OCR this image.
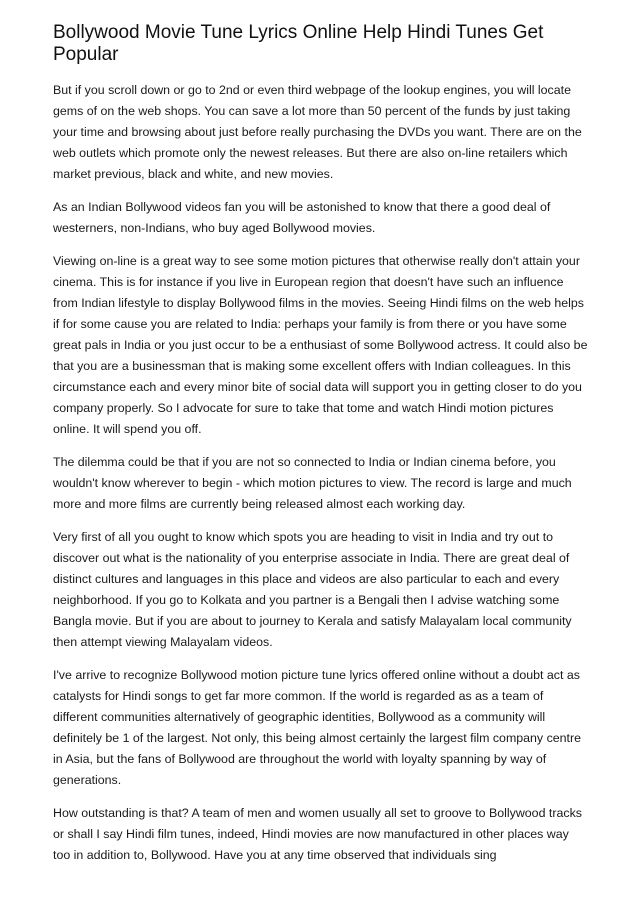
Bollywood Movie Tune Lyrics Online Help Hindi Tunes Get Popular

But if you scroll down or go to 2nd or even third webpage of the lookup engines, you will locate gems of on the web shops. You can save a lot more than 50 percent of the funds by just taking your time and browsing about just before really purchasing the DVDs you want. There are on the web outlets which promote only the newest releases. But there are also on-line retailers which market previous, black and white, and new movies.

As an Indian Bollywood videos fan you will be astonished to know that there a good deal of westerners, non-Indians, who buy aged Bollywood movies.

Viewing on-line is a great way to see some motion pictures that otherwise really don't attain your cinema. This is for instance if you live in European region that doesn't have such an influence from Indian lifestyle to display Bollywood films in the movies. Seeing Hindi films on the web helps if for some cause you are related to India: perhaps your family is from there or you have some great pals in India or you just occur to be a enthusiast of some Bollywood actress. It could also be that you are a businessman that is making some excellent offers with Indian colleagues. In this circumstance each and every minor bite of social data will support you in getting closer to do you company properly. So I advocate for sure to take that tome and watch Hindi motion pictures online. It will spend you off.

The dilemma could be that if you are not so connected to India or Indian cinema before, you wouldn't know wherever to begin - which motion pictures to view. The record is large and much more and more films are currently being released almost each working day.

Very first of all you ought to know which spots you are heading to visit in India and try out to discover out what is the nationality of you enterprise associate in India. There are great deal of distinct cultures and languages in this place and videos are also particular to each and every neighborhood. If you go to Kolkata and you partner is a Bengali then I advise watching some Bangla movie. But if you are about to journey to Kerala and satisfy Malayalam local community then attempt viewing Malayalam videos.

I've arrive to recognize Bollywood motion picture tune lyrics offered online without a doubt act as catalysts for Hindi songs to get far more common. If the world is regarded as as a team of different communities alternatively of geographic identities, Bollywood as a community will definitely be 1 of the largest. Not only, this being almost certainly the largest film company centre in Asia, but the fans of Bollywood are throughout the world with loyalty spanning by way of generations.

How outstanding is that? A team of men and women usually all set to groove to Bollywood tracks or shall I say Hindi film tunes, indeed, Hindi movies are now manufactured in other places way too in addition to, Bollywood. Have you at any time observed that individuals sing
